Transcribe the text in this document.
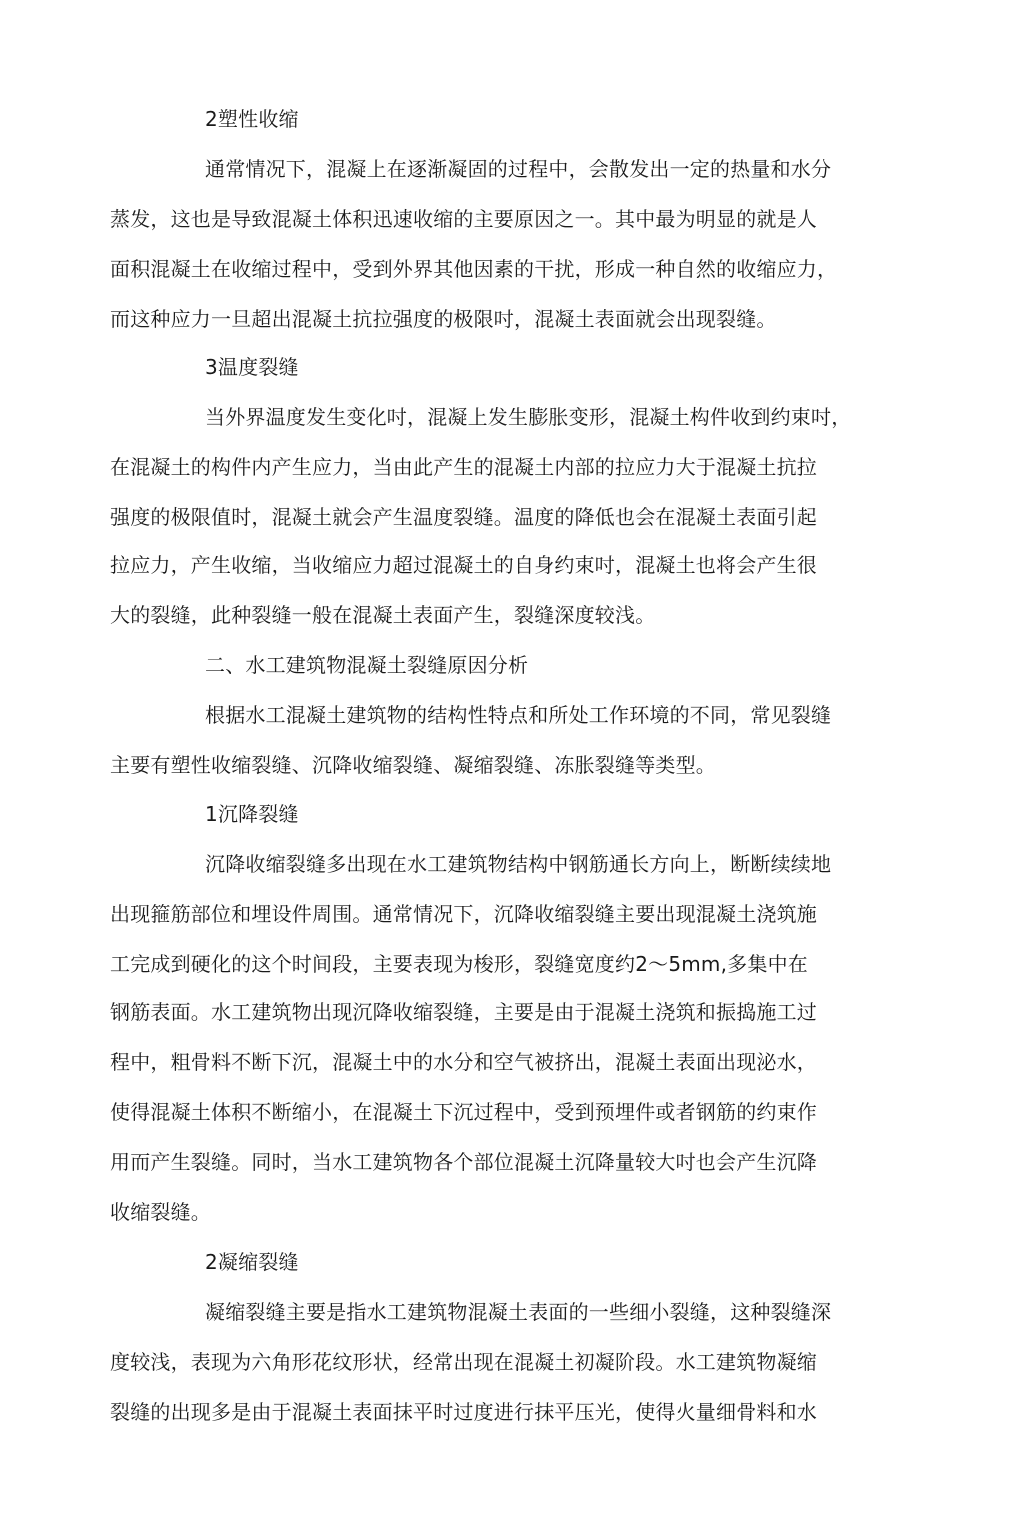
2塑性收缩
通常情况下，混凝上在逐渐凝固的过程中，会散发出一定的热量和水分
蒸发，这也是导致混凝土体积迅速收缩的主要原因之一。其中最为明显的就是人
面积混凝土在收缩过程中，受到外界其他因素的干扰，形成一种自然的收缩应力，
而这种应力一旦超出混凝土抗拉强度的极限吋，混凝土表面就会出现裂缝。
3温度裂缝
当外界温度发生变化吋，混凝上发生膨胀变形，混凝土构件收到约束吋，
在混凝土的构件内产生应力，当由此产生的混凝土内部的拉应力大于混凝土抗拉
强度的极限值时，混凝土就会产生温度裂缝。温度的降低也会在混凝土表面引起
拉应力，产生收缩，当收缩应力超过混凝土的自身约束吋，混凝土也将会产生很
大的裂缝，此种裂缝一般在混凝土表面产生，裂缝深度较浅。
二、水工建筑物混凝土裂缝原因分析
根据水工混凝土建筑物的结构性特点和所处工作环境的不同，常见裂缝
主要有塑性收缩裂缝、沉降收缩裂缝、凝缩裂缝、冻胀裂缝等类型。
1沉降裂缝
沉降收缩裂缝多出现在水工建筑物结构中钢筋通长方向上，断断续续地
出现箍筋部位和埋设件周围。通常情况下，沉降收缩裂缝主要出现混凝土浇筑施
工完成到硬化的这个时间段，主要表现为梭形，裂缝宽度约2～5mm,多集中在
钢筋表面。水工建筑物出现沉降收缩裂缝，主要是由于混凝土浇筑和振捣施工过
程中，粗骨料不断下沉，混凝土中的水分和空气被挤出，混凝土表面出现泌水，
使得混凝土体积不断缩小，在混凝土下沉过程中，受到预埋件或者钢筋的约束作
用而产生裂缝。同时，当水工建筑物各个部位混凝土沉降量较大吋也会产生沉降
收缩裂缝。
2凝缩裂缝
凝缩裂缝主要是指水工建筑物混凝土表面的一些细小裂缝，这种裂缝深
度较浅，表现为六角形花纹形状，经常出现在混凝土初凝阶段。水工建筑物凝缩
裂缝的出现多是由于混凝土表面抹平时过度进行抹平压光，使得火量细骨料和水
